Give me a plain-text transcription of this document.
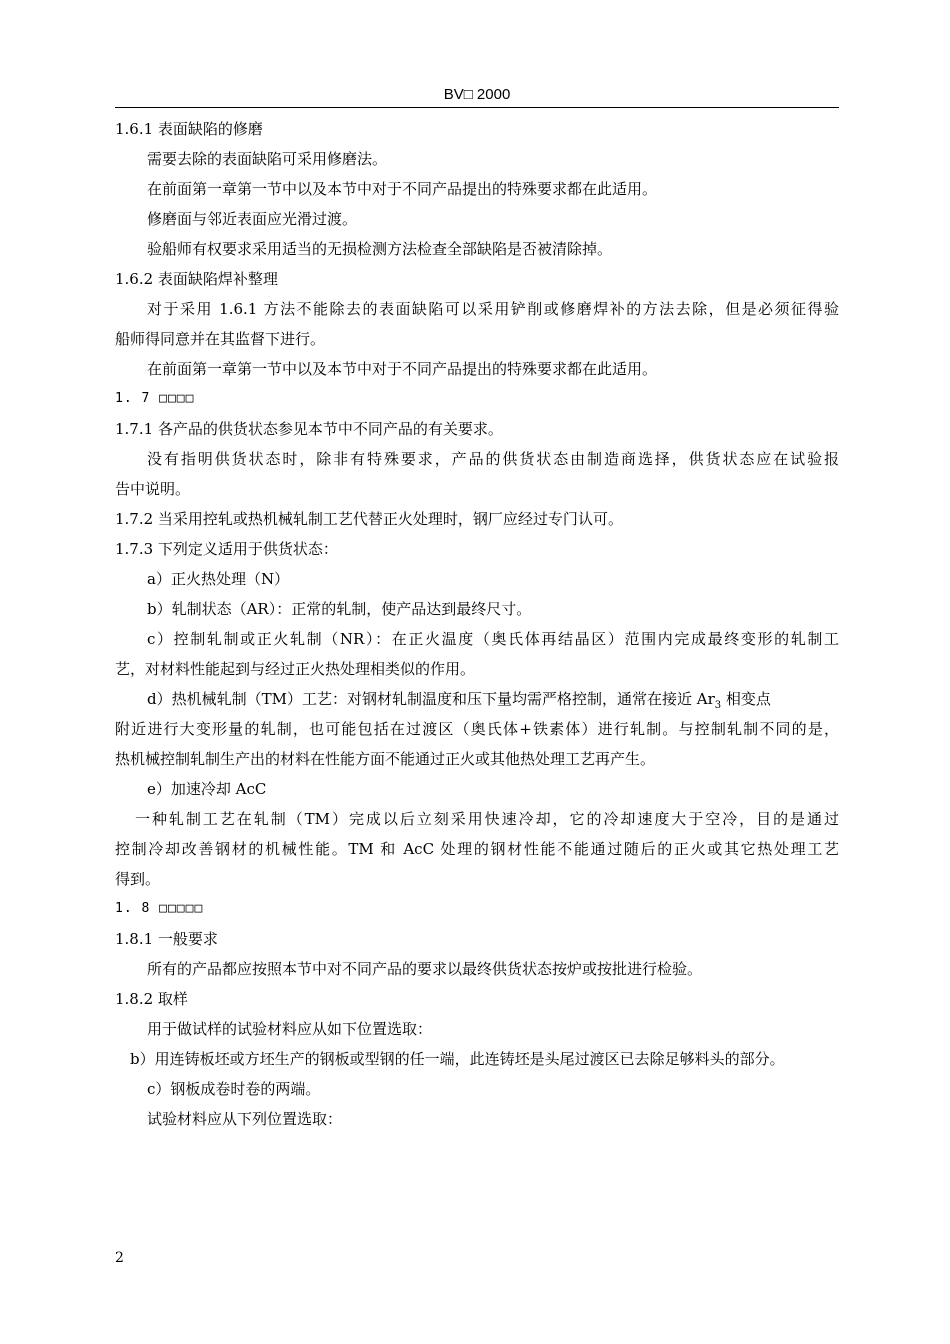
BV□ 2000
1.6.1 表面缺陷的修磨
需要去除的表面缺陷可采用修磨法。
在前面第一章第一节中以及本节中对于不同产品提出的特殊要求都在此适用。
修磨面与邻近表面应光滑过渡。
验船师有权要求采用适当的无损检测方法检查全部缺陷是否被清除掉。
1.6.2 表面缺陷焊补整理
对于采用 1.6.1 方法不能除去的表面缺陷可以采用铲削或修磨焊补的方法去除，但是必须征得验
船师得同意并在其监督下进行。
在前面第一章第一节中以及本节中对于不同产品提出的特殊要求都在此适用。
1. 7 □□□□
1.7.1 各产品的供货状态参见本节中不同产品的有关要求。
没有指明供货状态时，除非有特殊要求，产品的供货状态由制造商选择，供货状态应在试验报
告中说明。
1.7.2 当采用控轧或热机械轧制工艺代替正火处理时，钢厂应经过专门认可。
1.7.3 下列定义适用于供货状态：
a）正火热处理（N）
b）轧制状态（AR）：正常的轧制，使产品达到最终尺寸。
c）控制轧制或正火轧制（NR）：在正火温度（奥氏体再结晶区）范围内完成最终变形的轧制工
艺，对材料性能起到与经过正火热处理相类似的作用。
d）热机械轧制（TM）工艺：对钢材轧制温度和压下量均需严格控制，通常在接近 $Ar_3$ 相变点
附近进行大变形量的轧制，也可能包括在过渡区（奥氏体+铁素体）进行轧制。与控制轧制不同的是，
热机械控制轧制生产出的材料在性能方面不能通过正火或其他热处理工艺再产生。
e）加速冷却 AcC
一种轧制工艺在轧制（TM）完成以后立刻采用快速冷却，它的冷却速度大于空冷，目的是通过
控制冷却改善钢材的机械性能。TM 和 AcC 处理的钢材性能不能通过随后的正火或其它热处理工艺
得到。
1. 8 □□□□□
1.8.1 一般要求
所有的产品都应按照本节中对不同产品的要求以最终供货状态按炉或按批进行检验。
1.8.2 取样
用于做试样的试验材料应从如下位置选取：
b）用连铸板坯或方坯生产的钢板或型钢的任一端，此连铸坯是头尾过渡区已去除足够料头的部分。
c）钢板成卷时卷的两端。
试验材料应从下列位置选取：
2
